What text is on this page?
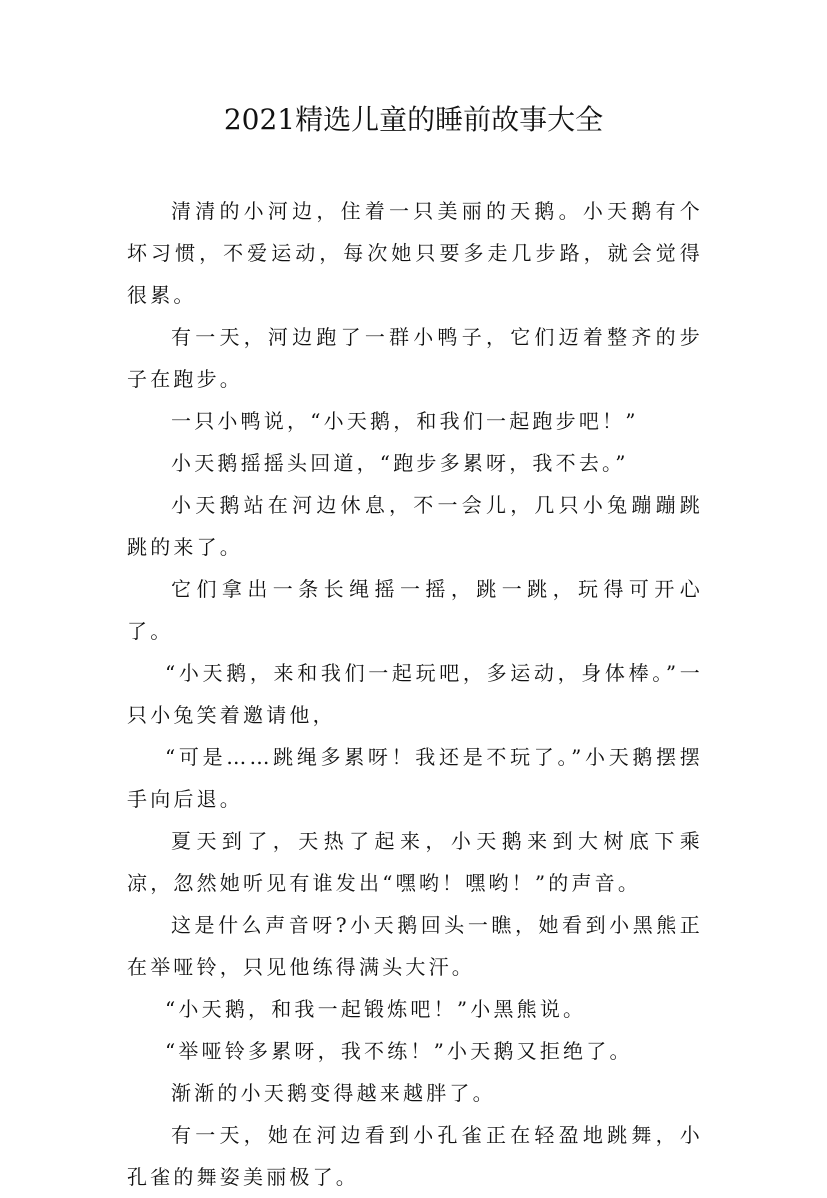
2021精选儿童的睡前故事大全

清清的小河边，住着一只美丽的天鹅。小天鹅有个坏习惯，不爱运动，每次她只要多走几步路，就会觉得很累。

有一天，河边跑了一群小鸭子，它们迈着整齐的步子在跑步。

一只小鸭说，“小天鹅，和我们一起跑步吧！”

小天鹅摇摇头回道，“跑步多累呀，我不去。”

小天鹅站在河边休息，不一会儿，几只小兔蹦蹦跳跳的来了。

它们拿出一条长绳摇一摇，跳一跳，玩得可开心了。

“小天鹅，来和我们一起玩吧，多运动，身体棒。”一只小兔笑着邀请他，

“可是……跳绳多累呀！我还是不玩了。”小天鹅摆摆手向后退。

夏天到了，天热了起来，小天鹅来到大树底下乘凉，忽然她听见有谁发出“嘿哟！嘿哟！”的声音。

这是什么声音呀?小天鹅回头一瞧，她看到小黑熊正在举哑铃，只见他练得满头大汗。

“小天鹅，和我一起锻炼吧！”小黑熊说。

“举哑铃多累呀，我不练！”小天鹅又拒绝了。

渐渐的小天鹅变得越来越胖了。

有一天，她在河边看到小孔雀正在轻盈地跳舞，小孔雀的舞姿美丽极了。
